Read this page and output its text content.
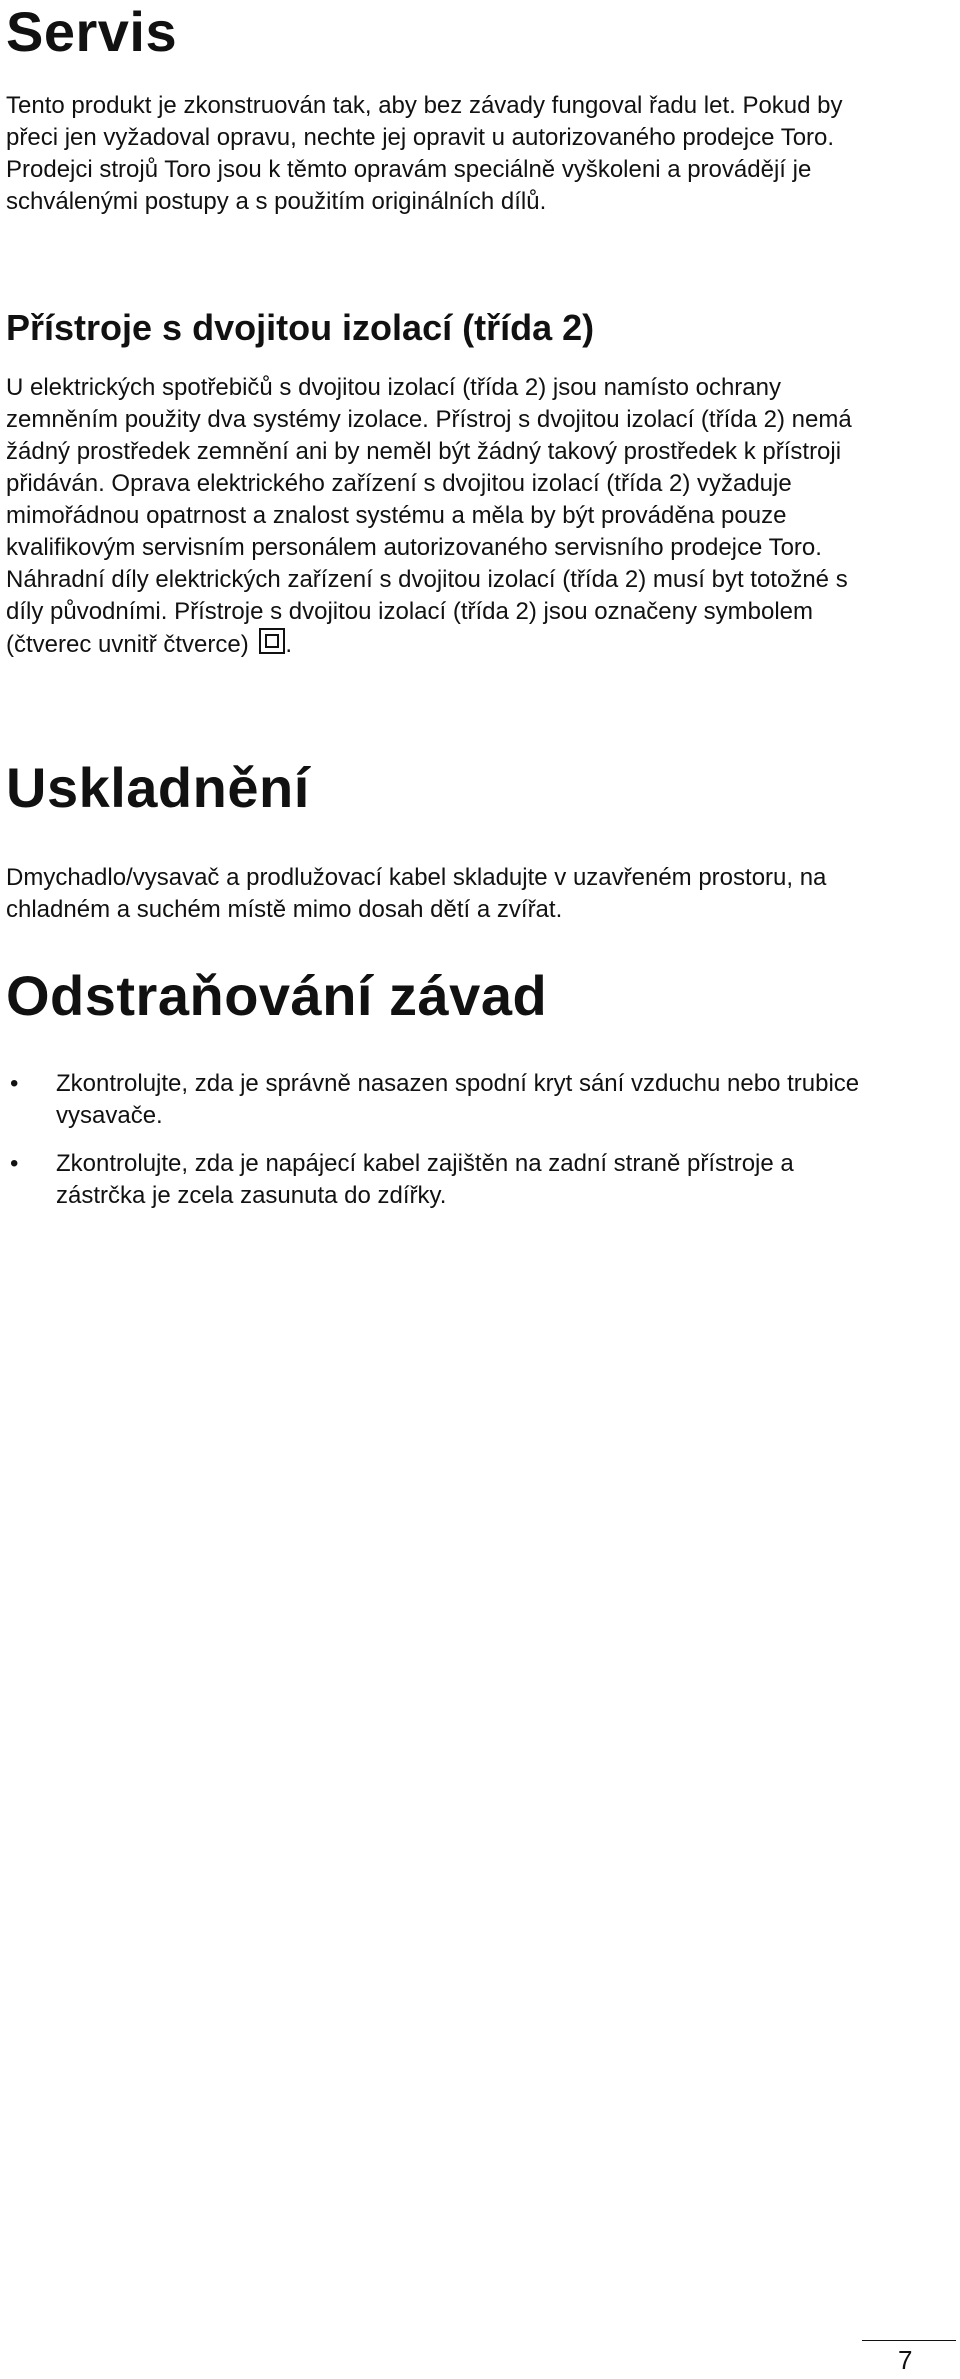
Servis

Tento produkt je zkonstruován tak, aby bez závady fungoval řadu let. Pokud by přeci jen vyžadoval opravu, nechte jej opravit u autorizovaného prodejce Toro. Prodejci strojů Toro jsou k těmto opravám speciálně vyškoleni a provádějí je schválenými postupy a s použitím originálních dílů.

Přístroje s dvojitou izolací (třída 2)

U elektrických spotřebičů s dvojitou izolací (třída 2) jsou namísto ochrany zemněním použity dva systémy izolace. Přístroj s dvojitou izolací (třída 2) nemá žádný prostředek zemnění ani by neměl být žádný takový prostředek k přístroji přidáván. Oprava elektrického zařízení s dvojitou izolací (třída 2) vyžaduje mimořádnou opatrnost a znalost systému a měla by být prováděna pouze kvalifikovým servisním personálem autorizovaného servisního prodejce Toro. Náhradní díly elektrických zařízení s dvojitou izolací (třída 2) musí byt totožné s díly původními. Přístroje s dvojitou izolací (třída 2) jsou označeny symbolem (čtverec uvnitř čtverce) .

Uskladnění

Dmychadlo/vysavač a prodlužovací kabel skladujte v uzavřeném prostoru, na chladném a suchém místě mimo dosah dětí a zvířat.

Odstraňování závad
• Zkontrolujte, zda je správně nasazen spodní kryt sání vzduchu nebo trubice vysavače.
• Zkontrolujte, zda je napájecí kabel zajištěn na zadní straně přístroje a zástrčka je zcela zasunuta do zdířky.
7
